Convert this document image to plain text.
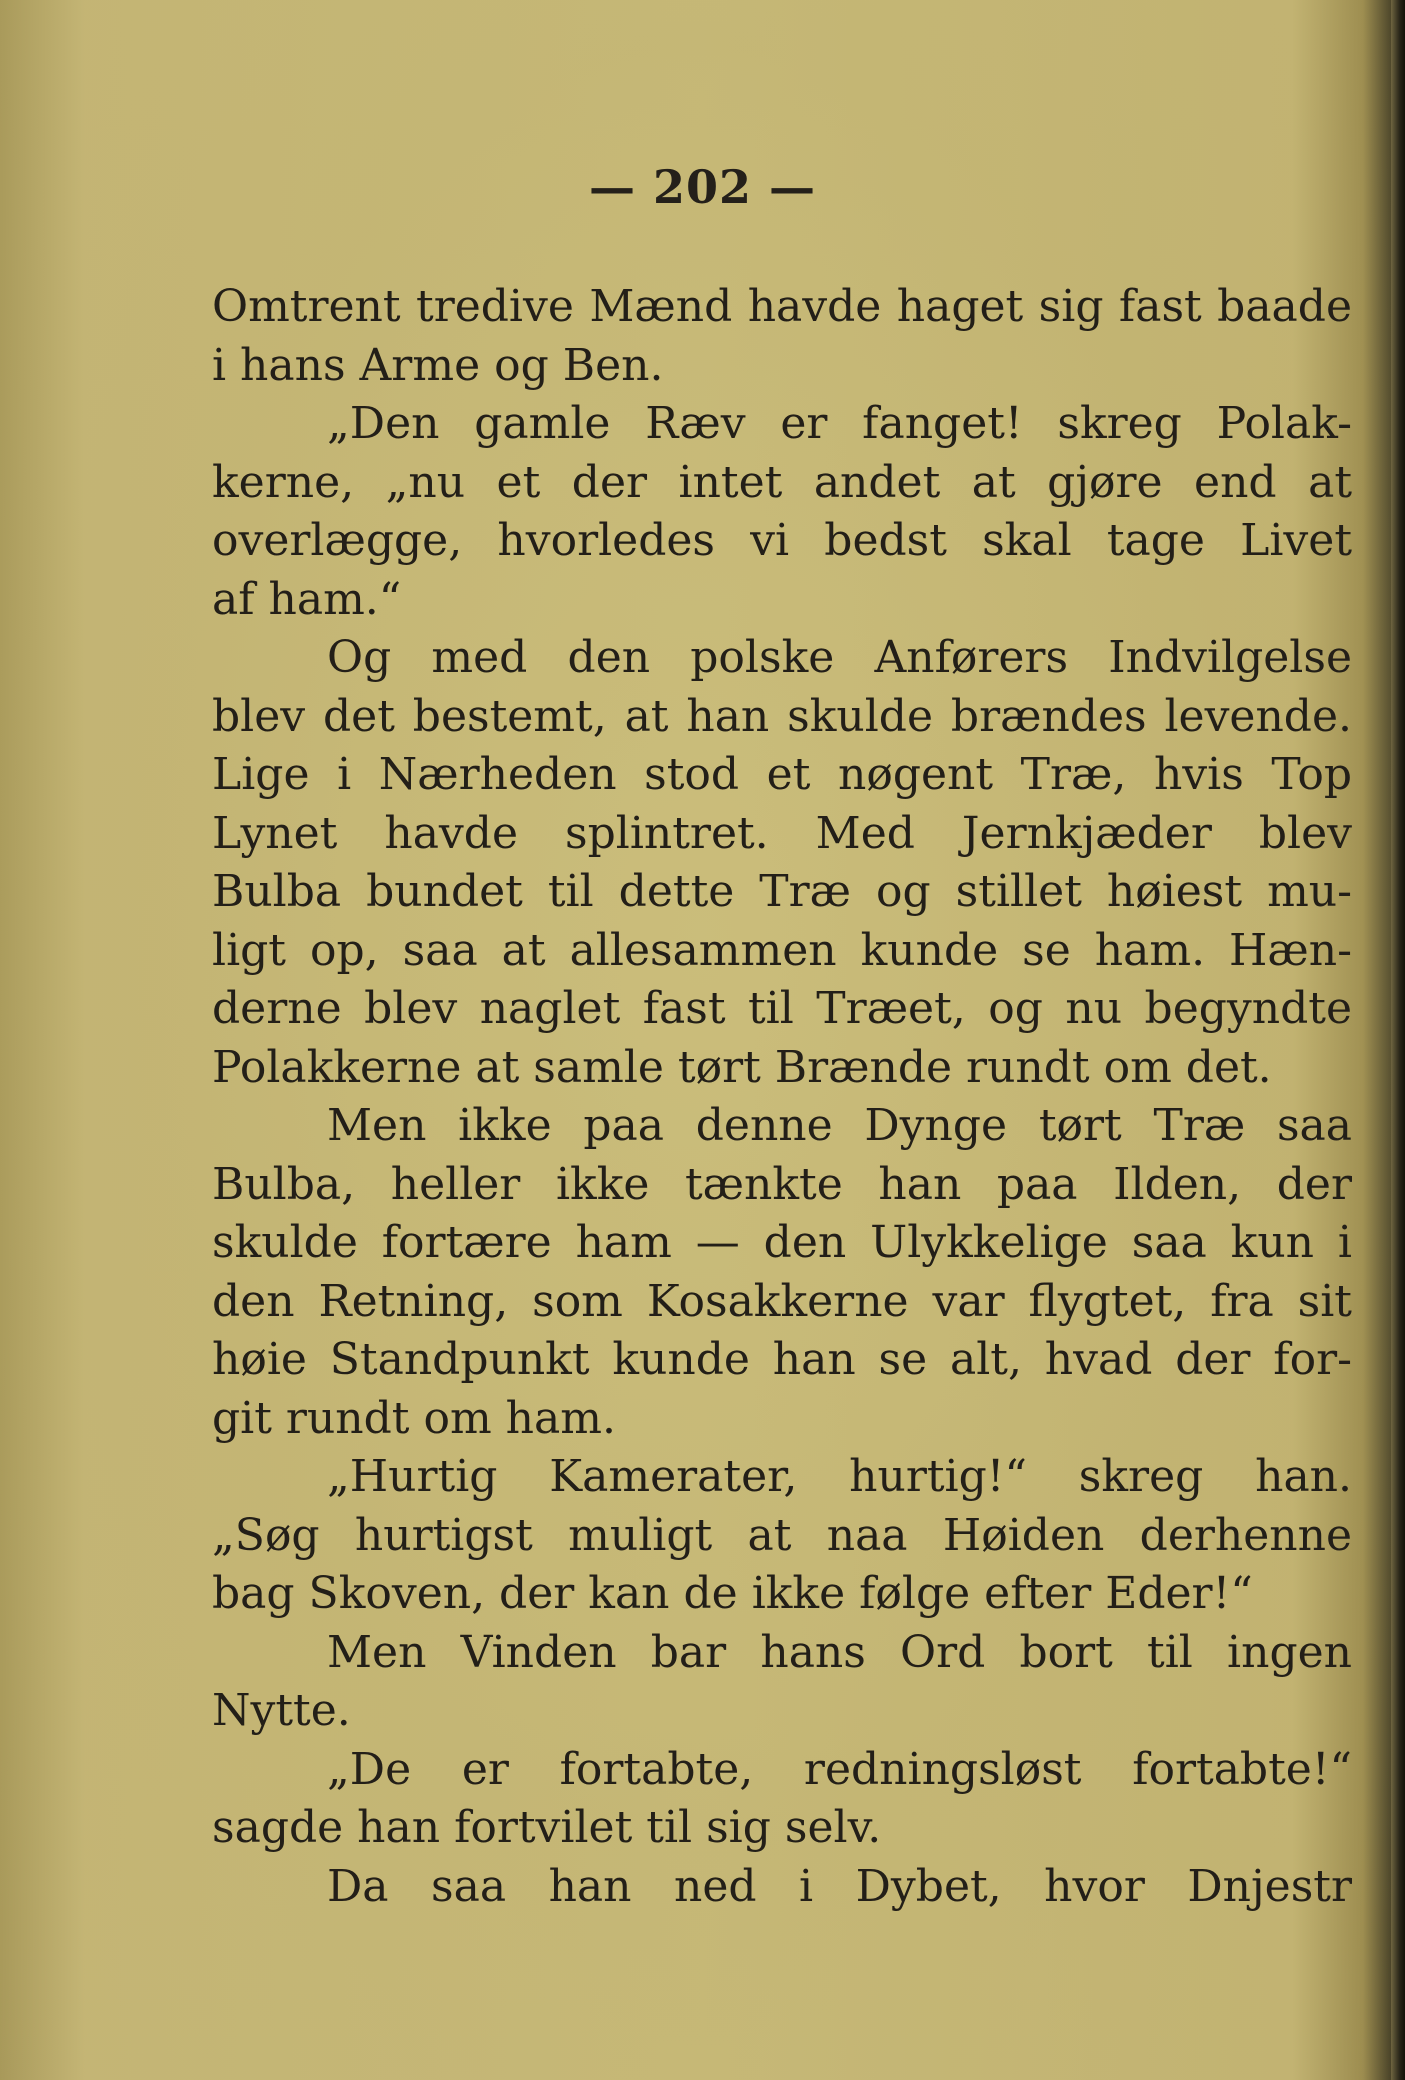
— 202 —
Omtrent tredive Mænd havde haget sig fast baade
i hans Arme og Ben.
„Den gamle Ræv er fanget! skreg Polak-
kerne, „nu et der intet andet at gjøre end at
overlægge, hvorledes vi bedst skal tage Livet
af ham.“
Og med den polske Anførers Indvilgelse
blev det bestemt, at han skulde brændes levende.
Lige i Nærheden stod et nøgent Træ, hvis Top
Lynet havde splintret. Med Jernkjæder blev
Bulba bundet til dette Træ og stillet høiest mu-
ligt op, saa at allesammen kunde se ham. Hæn-
derne blev naglet fast til Træet, og nu begyndte
Polakkerne at samle tørt Brænde rundt om det.
Men ikke paa denne Dynge tørt Træ saa
Bulba, heller ikke tænkte han paa Ilden, der
skulde fortære ham — den Ulykkelige saa kun i
den Retning, som Kosakkerne var flygtet, fra sit
høie Standpunkt kunde han se alt, hvad der for-
git rundt om ham.
„Hurtig Kamerater, hurtig!“ skreg han.
„Søg hurtigst muligt at naa Høiden derhenne
bag Skoven, der kan de ikke følge efter Eder!“
Men Vinden bar hans Ord bort til ingen
Nytte.
„De er fortabte, redningsløst fortabte!“
sagde han fortvilet til sig selv.
Da saa han ned i Dybet, hvor Dnjestr
